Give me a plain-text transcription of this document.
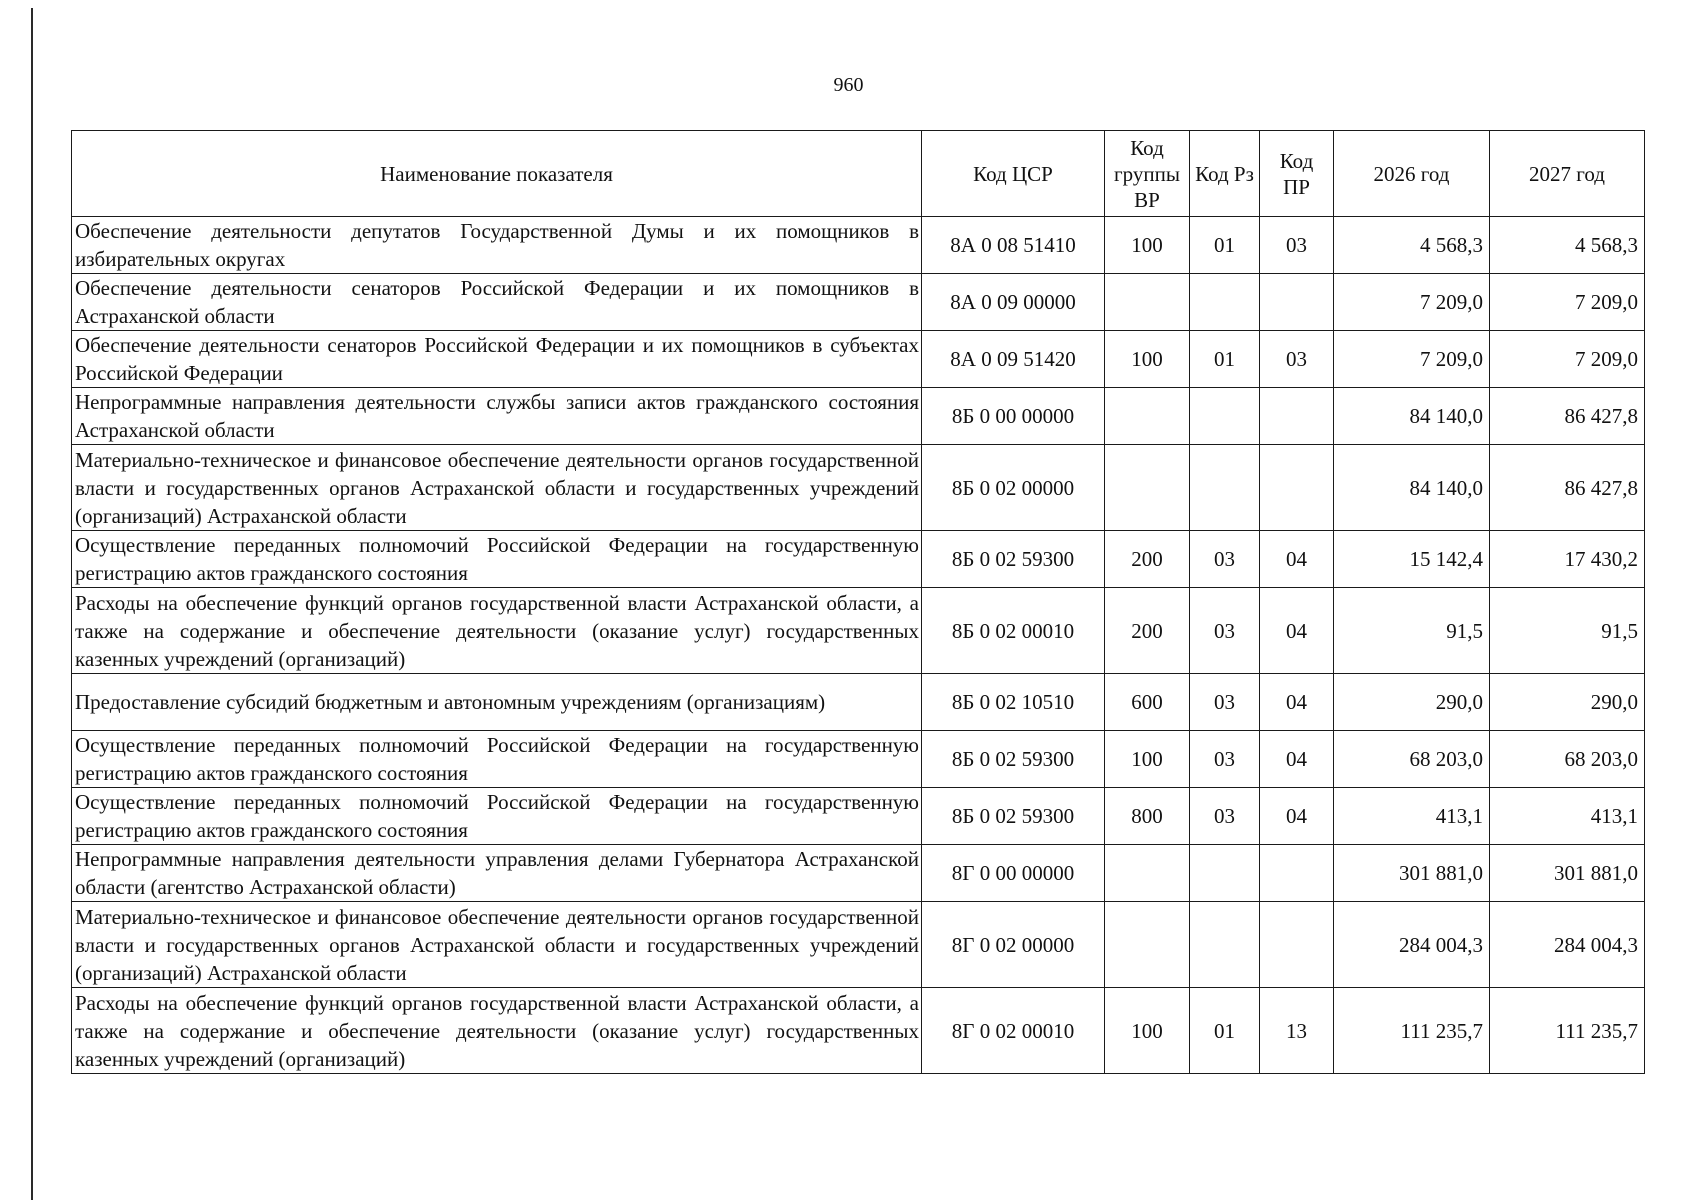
960
Наименование показателя	Код ЦСР	Код группы ВР	Код Рз	Код ПР	2026 год	2027 год
Обеспечение деятельности депутатов Государственной Думы и их помощников в избирательных округах	8А 0 08 51410	100	01	03	4 568,3	4 568,3
Обеспечение деятельности сенаторов Российской Федерации и их помощников в Астраханской области	8А 0 09 00000				7 209,0	7 209,0
Обеспечение деятельности сенаторов Российской Федерации и их помощников в субъектах Российской Федерации	8А 0 09 51420	100	01	03	7 209,0	7 209,0
Непрограммные направления деятельности службы записи актов гражданского состояния Астраханской области	8Б 0 00 00000				84 140,0	86 427,8
Материально-техническое и финансовое обеспечение деятельности органов государственной власти и государственных органов Астраханской области и государственных учреждений (организаций) Астраханской области	8Б 0 02 00000				84 140,0	86 427,8
Осуществление переданных полномочий Российской Федерации на государственную регистрацию актов гражданского состояния	8Б 0 02 59300	200	03	04	15 142,4	17 430,2
Расходы на обеспечение функций органов государственной власти Астраханской области, а также на содержание и обеспечение деятельности (оказание услуг) государственных казенных учреждений (организаций)	8Б 0 02 00010	200	03	04	91,5	91,5
Предоставление субсидий бюджетным и автономным учреждениям (организациям)	8Б 0 02 10510	600	03	04	290,0	290,0
Осуществление переданных полномочий Российской Федерации на государственную регистрацию актов гражданского состояния	8Б 0 02 59300	100	03	04	68 203,0	68 203,0
Осуществление переданных полномочий Российской Федерации на государственную регистрацию актов гражданского состояния	8Б 0 02 59300	800	03	04	413,1	413,1
Непрограммные направления деятельности управления делами Губернатора Астраханской области (агентство Астраханской области)	8Г 0 00 00000				301 881,0	301 881,0
Материально-техническое и финансовое обеспечение деятельности органов государственной власти и государственных органов Астраханской области и государственных учреждений (организаций) Астраханской области	8Г 0 02 00000				284 004,3	284 004,3
Расходы на обеспечение функций органов государственной власти Астраханской области, а также на содержание и обеспечение деятельности (оказание услуг) государственных казенных учреждений (организаций)	8Г 0 02 00010	100	01	13	111 235,7	111 235,7
